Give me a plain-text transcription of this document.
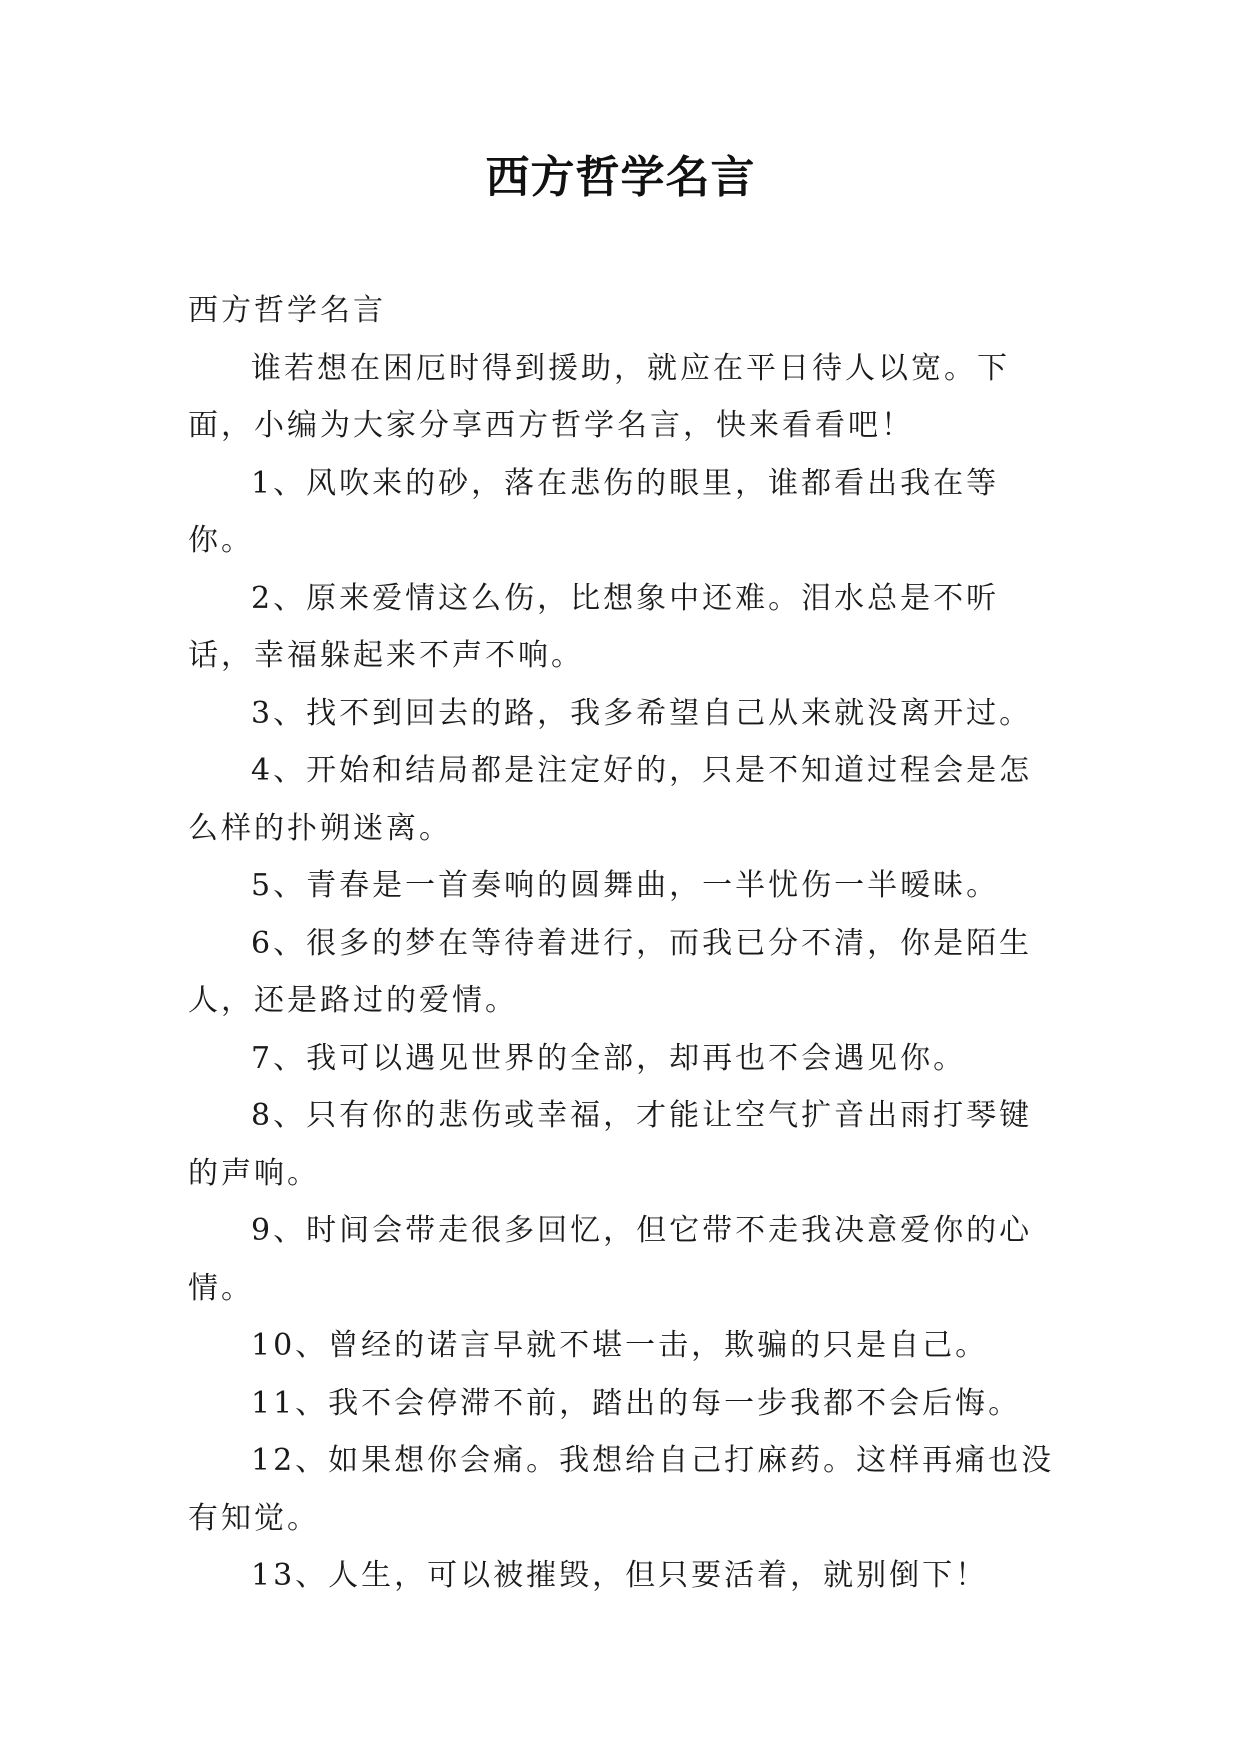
西方哲学名言

西方哲学名言

谁若想在困厄时得到援助，就应在平日待人以宽。下面，小编为大家分享西方哲学名言，快来看看吧！

1、风吹来的砂，落在悲伤的眼里，谁都看出我在等你。

2、原来爱情这么伤，比想象中还难。泪水总是不听话，幸福躲起来不声不响。

3、找不到回去的路，我多希望自己从来就没离开过。

4、开始和结局都是注定好的，只是不知道过程会是怎么样的扑朔迷离。

5、青春是一首奏响的圆舞曲，一半忧伤一半暧昧。

6、很多的梦在等待着进行，而我已分不清，你是陌生人，还是路过的爱情。

7、我可以遇见世界的全部，却再也不会遇见你。

8、只有你的悲伤或幸福，才能让空气扩音出雨打琴键的声响。

9、时间会带走很多回忆，但它带不走我决意爱你的心情。

10、曾经的诺言早就不堪一击，欺骗的只是自己。

11、我不会停滞不前，踏出的每一步我都不会后悔。

12、如果想你会痛。我想给自己打麻药。这样再痛也没有知觉。

13、人生，可以被摧毁，但只要活着，就别倒下！
